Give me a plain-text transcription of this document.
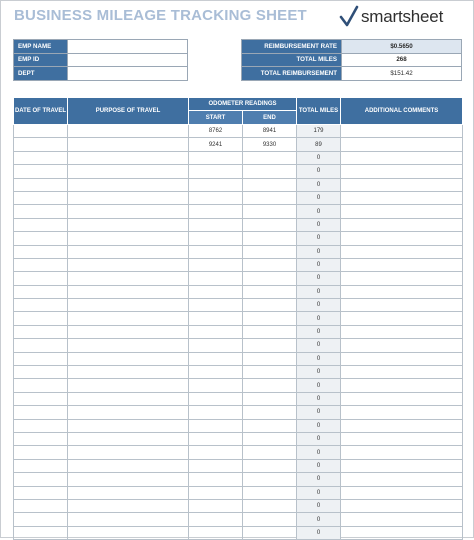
BUSINESS MILEAGE TRACKING SHEET	smartsheet
EMP NAME	
EMP ID	
DEPT	
REIMBURSEMENT RATE	$0.5650
TOTAL MILES	268
TOTAL REIMBURSEMENT	$151.42
DATE OF TRAVEL	PURPOSE OF TRAVEL	ODOMETER READINGS		TOTAL MILES	ADDITIONAL COMMENTS
		START	END		
		8762	8941	179	
		9241	9330	89	
				0	
				0	
				0	
				0	
				0	
				0	
				0	
				0	
				0	
				0	
				0	
				0	
				0	
				0	
				0	
				0	
				0	
				0	
				0	
				0	
				0	
				0	
				0	
				0	
				0	
				0	
				0	
				0	
				0	
